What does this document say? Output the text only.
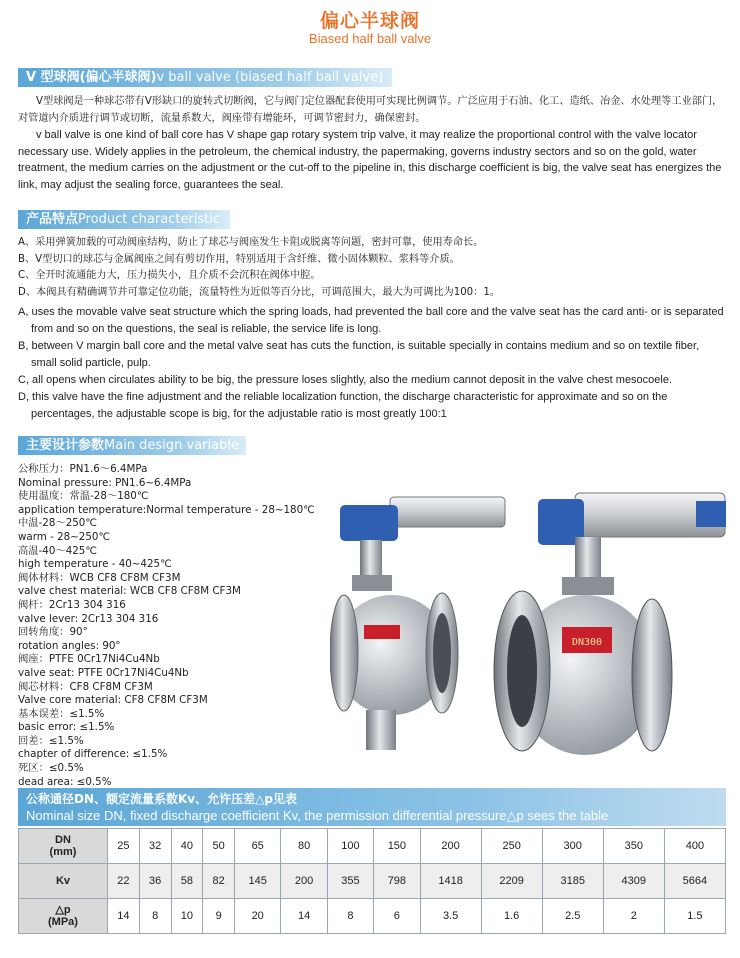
偏心半球阀
Biased half ball valve
V 型球阀(偏心半球阀)v ball valve (biased half ball valve)
V型球阀是一种球芯带有V形缺口的旋转式切断阀，它与阀门定位器配套使用可实现比例调节。广泛应用于石油、化工、造纸、冶金、水处理等工业部门，对管道内介质进行调节或切断，流量系数大，阀座带有增能环，可调节密封力，确保密封。
v ball valve is one kind of ball core has V shape gap rotary system trip valve, it may realize the proportional control with the valve locator necessary use. Widely applies in the petroleum, the chemical industry, the papermaking, governs industry sectors and so on the gold, water treatment, the medium carries on the adjustment or the cut-off to the pipeline in, this discharge coefficient is big, the valve seat has energizes the link, may adjust the sealing force, guarantees the seal.
产品特点Product characteristic
A、采用弹簧加载的可动阀座结构，防止了球芯与阀座发生卡阻或脱离等问题，密封可靠，使用寿命长。
B、V型切口的球芯与金属阀座之间有剪切作用，特别适用于含纤维、微小固体颗粒、浆料等介质。
C、全开时流通能力大，压力损失小，且介质不会沉积在阀体中腔。
D、本阀具有精确调节并可靠定位功能，流量特性为近似等百分比，可调范围大，最大为可调比为100：1。
A, uses the movable valve seat structure which the spring loads, had prevented the ball core and the valve seat has the card anti- or is separated from and so on the questions, the seal is reliable, the service life is long.
B, between V margin ball core and the metal valve seat has cuts the function, is suitable specially in contains medium and so on textile fiber, small solid particle, pulp.
C, all opens when circulates ability to be big, the pressure loses slightly, also the medium cannot deposit in the valve chest mesocoele.
D, this valve have the fine adjustment and the reliable localization function, the discharge characteristic for approximate and so on the percentages, the adjustable scope is big, for the adjustable ratio is most greatly 100:1
主要设计参数Main design variable
公称压力：PN1.6～6.4MPa
Nominal pressure: PN1.6~6.4MPa
使用温度：常温-28～180℃
application temperature:Normal temperature - 28~180℃
中温-28～250℃
warm - 28~250℃
高温-40～425℃
high temperature - 40~425℃
阀体材料：WCB CF8 CF8M CF3M
valve chest material: WCB CF8 CF8M CF3M
阀杆：2Cr13 304 316
valve lever: 2Cr13 304 316
回转角度：90°
rotation angles: 90°
阀座：PTFE 0Cr17Ni4Cu4Nb
valve seat: PTFE 0Cr17Ni4Cu4Nb
阀芯材料：CF8 CF8M CF3M
Valve core material: CF8 CF8M CF3M
基本误差：≤1.5%
basic error: ≤1.5%
回差：≤1.5%
chapter of difference: ≤1.5%
死区：≤0.5%
dead area: ≤0.5%
DN300
公称通径DN、额定流量系数Kv、允许压差△p见表
Nominal size DN, fixed discharge coefficient Kv, the permission differential pressure△p sees the table
DN
(mm)	25	32	40	50	65	80	100	150	200	250	300	350	400
Kv	22	36	58	82	145	200	355	798	1418	2209	3185	4309	5664
△p
(MPa)	14	8	10	9	20	14	8	6	3.5	1.6	2.5	2	1.5
